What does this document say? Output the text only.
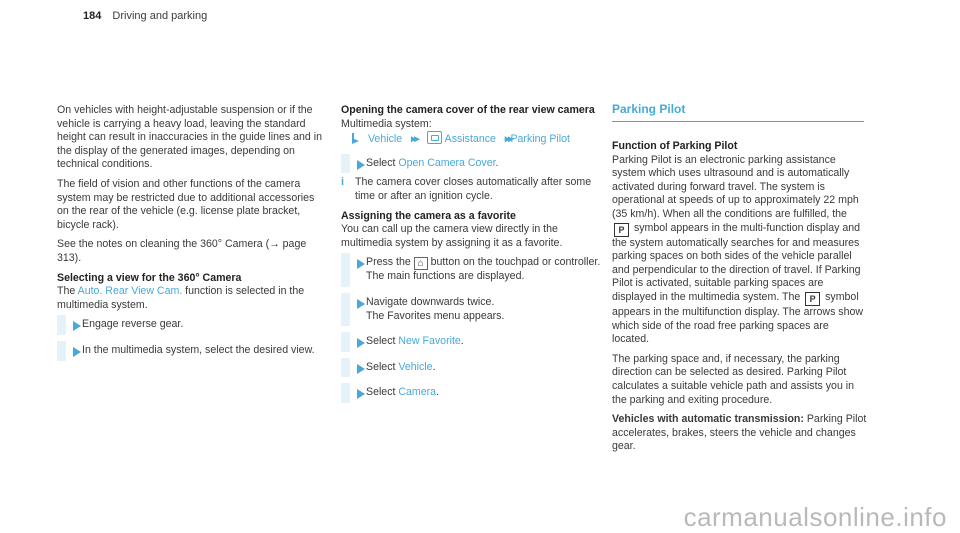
184 Driving and parking

On vehicles with height-adjustable suspension or if the vehicle is carrying a heavy load, leaving the standard height can result in inaccuracies in the guide lines and in the display of the generated images, depending on technical conditions.

The field of vision and other functions of the camera system may be restricted due to additional accessories on the rear of the vehicle (e.g. license plate bracket, bicycle rack).

See the notes on cleaning the 360° Camera (→ page 313).

Selecting a view for the 360° Camera

The Auto. Rear View Cam. function is selected in the multimedia system.

Engage reverse gear.
In the multimedia system, select the desired view.
Opening the camera cover of the rear view camera
Multimedia system:
Vehicle ▸▸	Assistance ▸▸ Parking Pilot
Select Open Camera Cover.
i The camera cover closes automatically after some time or after an ignition cycle.
Assigning the camera as a favorite

You can call up the camera view directly in the multimedia system by assigning it as a favorite.

Press the ⌂ button on the touchpad or controller.
The main functions are displayed.
Navigate downwards twice.
The Favorites menu appears.
Select New Favorite.
Select Vehicle.
Select Camera.
Parking Pilot
Function of Parking Pilot

Parking Pilot is an electronic parking assistance system which uses ultrasound and is automatically activated during forward travel. The system is operational at speeds of up to approximately 22 mph (35 km/h). When all the conditions are fulfilled, the P symbol appears in the multi-function display and the system automatically searches for and measures parking spaces on both sides of the vehicle parallel and perpendicular to the direction of travel. If Parking Pilot is activated, suitable parking spaces are displayed in the multimedia system. The P symbol appears in the multifunction display. The arrows show which side of the road free parking spaces are located.

The parking space and, if necessary, the parking direction can be selected as desired. Parking Pilot calculates a suitable vehicle path and assists you in the parking and exiting procedure.

Vehicles with automatic transmission: Parking Pilot accelerates, brakes, steers the vehicle and changes gear.

carmanualsonline.info
